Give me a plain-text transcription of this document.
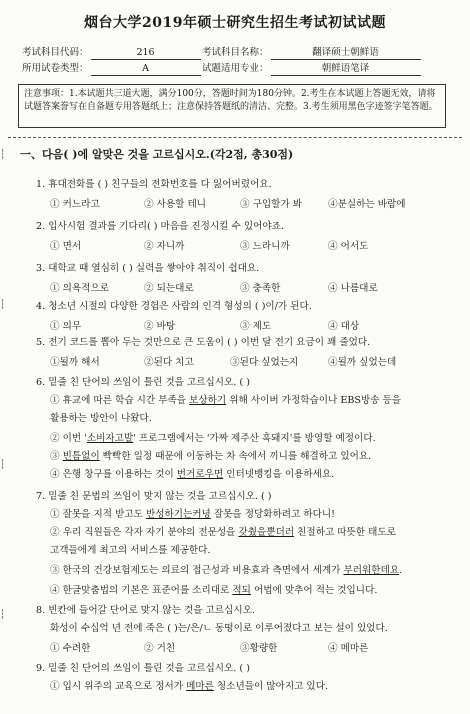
烟台大学2019年硕士研究生招生考试初试试题
考试科目代码：	216	考试科目名称：	翻译硕士朝鲜语
所用试卷类型：	A	试题适用专业：	朝鲜语笔译
注意事项：1.本试题共三道大题，满分100分，答题时间为180分钟。2.考生在本试题上答题无效，请将试题答案誊写在自备题专用答题纸上；注意保持答题纸的清洁、完整。3.考生须用黑色字迹签字笔答题。
一、다음( )에 알맞은 것을 고르십시오.(각2점, 총30점)
1. 휴대전화를 ( ) 친구들의 전화번호를 다 잃어버렸어요.
① 커느라고	② 사용할 테니	③ 구입할가 봐	④분실하는 바람에
2. 입사시험 결과를 기다리( ) 마음을 진정시킬 수 있어야죠.
① 면서	② 자니까	③ 느라니까	④ 어서도
3. 대학교 때 열심히 ( ) 실력을 쌓아야 취직이 쉽대요.
① 의욕적으로	② 되는대로	③ 충족한	④ 나름대로
4. 청소년 시절의 다양한 경험은 사람의 인격 형성의 ( )이/가 된다.
① 의무	② 바탕	③ 제도	④ 대상
5. 전기 코드를 뽑아 두는 것만으로 큰 도움이 ( ) 이번 달 전기 요금이 꽤 줄었다.
①될까 해서	②된다 치고	③된다 싶었는지	④될까 싶었는데
6. 밑줄 친 단어의 쓰임이 틀린 것을 고르십시오. ( )
① 휴교에 따른 학습 시간 부족을 보상하기 위해 사이버 가정학습이나 EBS방송 등을
활용하는 방안이 나왔다.
② 이번 '소비자고발' 프로그램에서는 '가짜 제주산 흑돼지'를 방영할 예정이다.
③ 빈틈없이 빡빡한 일정 때문에 이동하는 차 속에서 끼니를 해결하고 있어요.
④ 은행 창구를 이용하는 것이 번거로우면 인터넷뱅킹을 이용하세요.
7. 밑줄 친 문법의 쓰임이 맞지 않는 것을 고르십시오. ( )
① 잘못을 지적 받고도 반성하기는커녕 잘못을 정당화하려고 하다니!
② 우리 직원들은 각자 자기 분야의 전문성을 갖췄을뿐더러 친절하고 따뜻한 태도로
고객들에게 최고의 서비스를 제공한다.
③ 한국의 건강보험제도는 의료의 접근성과 비용효과 측면에서 세계가 부러워한데요.
④ 한글맞춤법의 기본은 표준어를 소리대로 적되 어법에 맞추어 적는 것입니다.
8. 빈칸에 들어갈 단어로 맞지 않는 것을 고르십시오.
화성이 수십억 년 전에 죽은 ( )는/은/ㄴ 동떵이로 이루어졌다고 보는 설이 있었다.
① 수려한	② 거친	③황량한	④ 메마른
9. 밑줄 친 단어의 쓰임이 틀린 것을 고르십시오. ( )
① 입시 위주의 교육으로 정서가 메마른 청소년들이 많아지고 있다.
┆
┆
┆
┆
